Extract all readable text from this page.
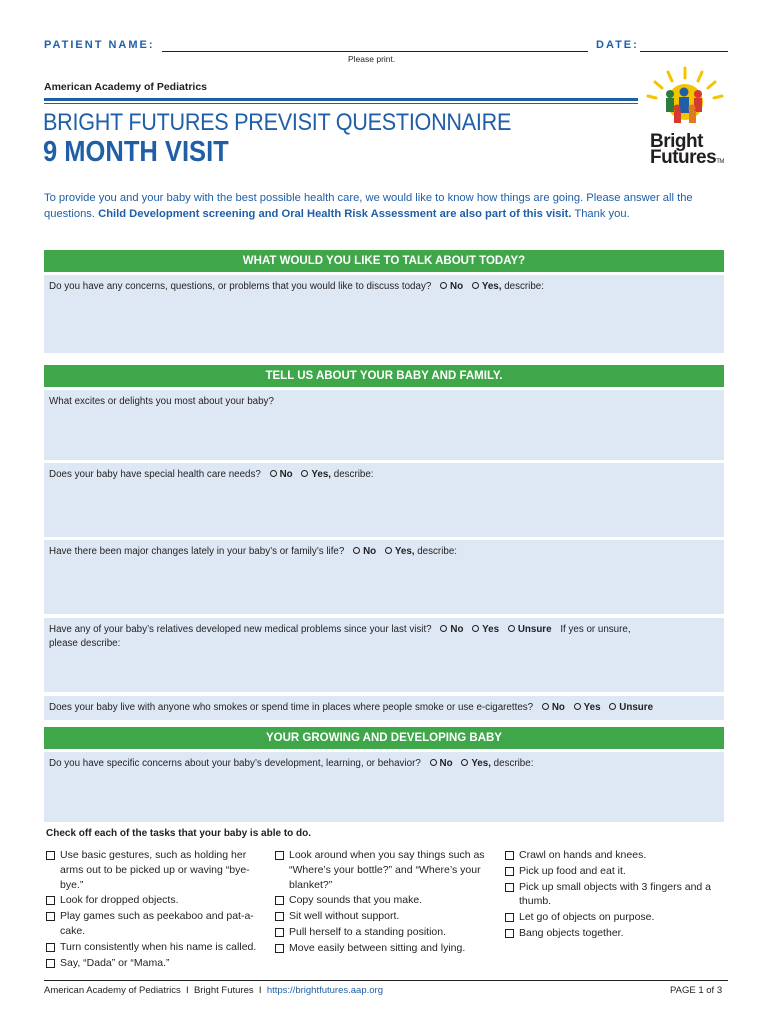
PATIENT NAME:	DATE:
Please print.
American Academy of Pediatrics
BRIGHT FUTURES PREVISIT QUESTIONNAIRE
9 MONTH VISIT	Bright
FuturesTM
To provide you and your baby with the best possible health care, we would like to know how things are going. Please answer all the questions. Child Development screening and Oral Health Risk Assessment are also part of this visit. Thank you.
WHAT WOULD YOU LIKE TO TALK ABOUT TODAY?
Do you have any concerns, questions, or problems that you would like to discuss today? No Yes, describe:
TELL US ABOUT YOUR BABY AND FAMILY.
What excites or delights you most about your baby?
Does your baby have special health care needs? No Yes, describe:
Have there been major changes lately in your baby’s or family’s life? No Yes, describe:
Have any of your baby’s relatives developed new medical problems since your last visit? No Yes Unsure If yes or unsure,
please describe:
Does your baby live with anyone who smokes or spend time in places where people smoke or use e-cigarettes? No Yes Unsure
YOUR GROWING AND DEVELOPING BABY
Do you have specific concerns about your baby’s development, learning, or behavior? No Yes, describe:
Check off each of the tasks that your baby is able to do.
Use basic gestures, such as holding her arms out to be picked up or waving “bye-bye.”
Look for dropped objects.
Play games such as peekaboo and pat-a-cake.
Turn consistently when his name is called.
Say, “Dada” or “Mama.”
Look around when you say things such as “Where’s your bottle?” and “Where’s your blanket?”
Copy sounds that you make.
Sit well without support.
Pull herself to a standing position.
Move easily between sitting and lying.
Crawl on hands and knees.
Pick up food and eat it.
Pick up small objects with 3 fingers and a thumb.
Let go of objects on purpose.
Bang objects together.
American Academy of Pediatrics  I  Bright Futures  I  https://brightfutures.aap.org	PAGE 1 of 3
